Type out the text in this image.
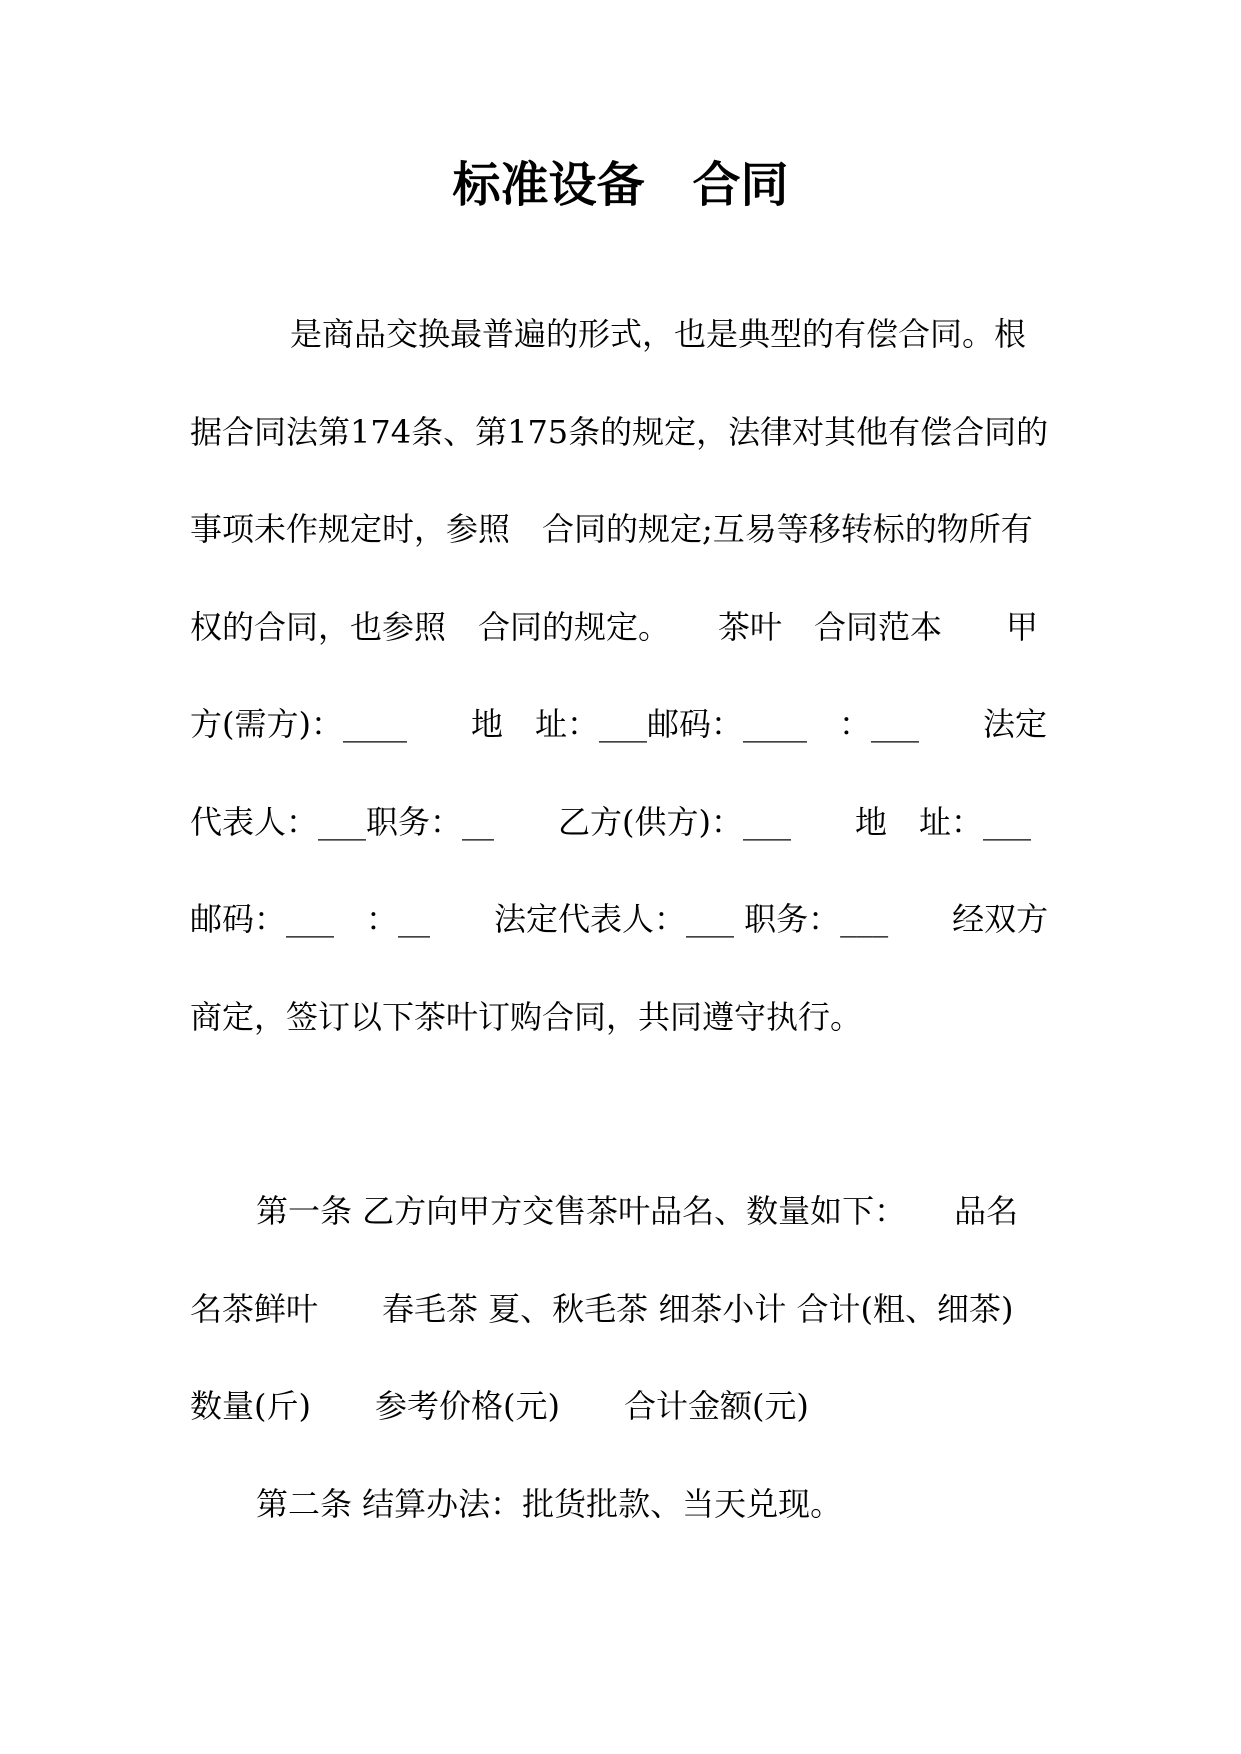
标准设备　合同

是商品交换最普遍的形式，也是典型的有偿合同。根据合同法第174条、第175条的规定，法律对其他有偿合同的事项未作规定时，参照　合同的规定;互易等移转标的物所有权的合同，也参照　合同的规定。　　茶叶　合同范本　　甲方(需方)：____　　地　址：___邮码：____　：___　　法定代表人：___职务：__　　乙方(供方)：___　　地　址：___ 邮码：___　：__　　法定代表人：___ 职务：___　　经双方商定，签订以下茶叶订购合同，共同遵守执行。

第一条 乙方向甲方交售茶叶品名、数量如下：　　品名 名茶鲜叶　　春毛茶 夏、秋毛茶 细茶小计 合计(粗、细茶)　　数量(斤)　　参考价格(元)　　合计金额(元)

第二条 结算办法：批货批款、当天兑现。
